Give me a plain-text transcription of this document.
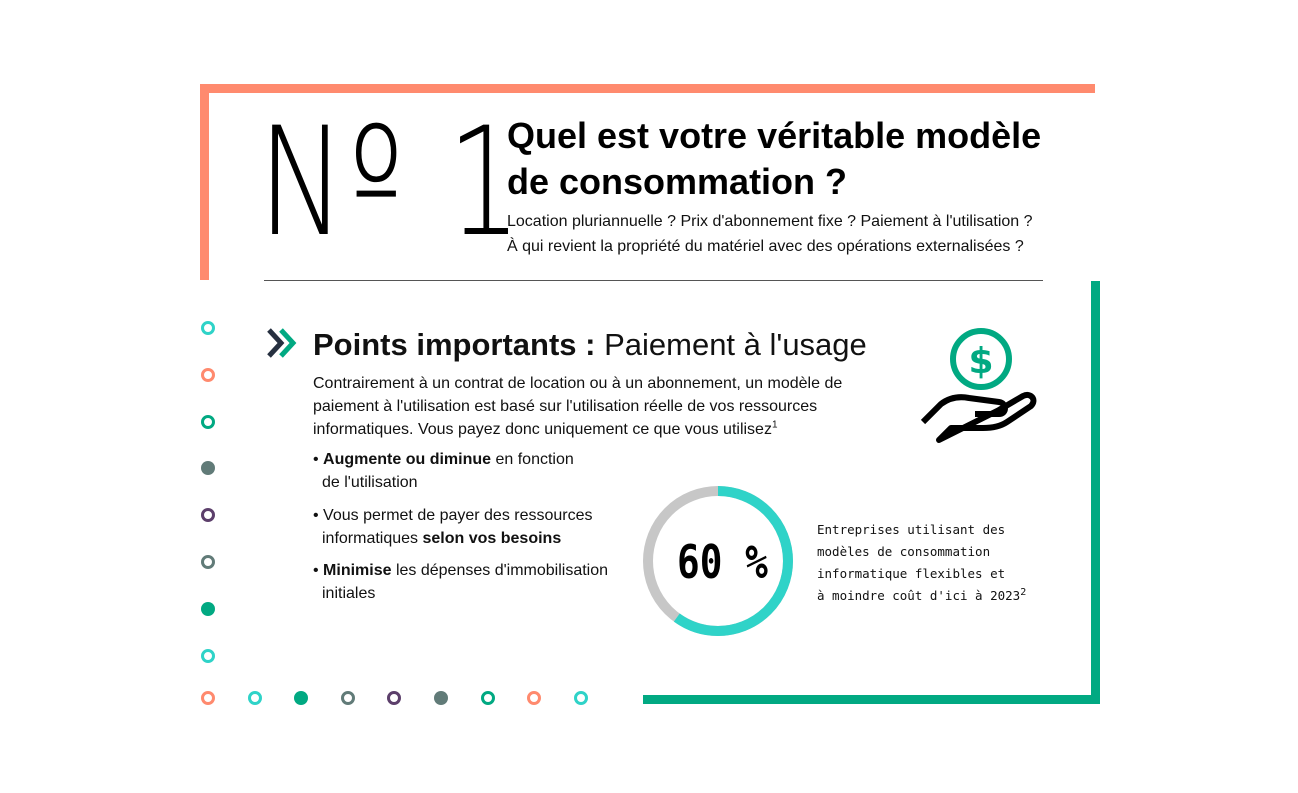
Nº 1
Quel est votre véritable modèle
de consommation ?
Location pluriannuelle ? Prix d'abonnement fixe ? Paiement à l'utilisation ?
À qui revient la propriété du matériel avec des opérations externalisées ?
Points importants : Paiement à l'usage
Contrairement à un contrat de location ou à un abonnement, un modèle de
paiement à l'utilisation est basé sur l'utilisation réelle de vos ressources
informatiques. Vous payez donc uniquement ce que vous utilisez$^1$
• Augmente ou diminue en fonction
de l'utilisation
• Vous permet de payer des ressources
informatiques selon vos besoins
• Minimise les dépenses d'immobilisation
initiales
$
60 %
Entreprises utilisant des
modèles de consommation
informatique flexibles et
à moindre coût d'ici à 2023$^2$
